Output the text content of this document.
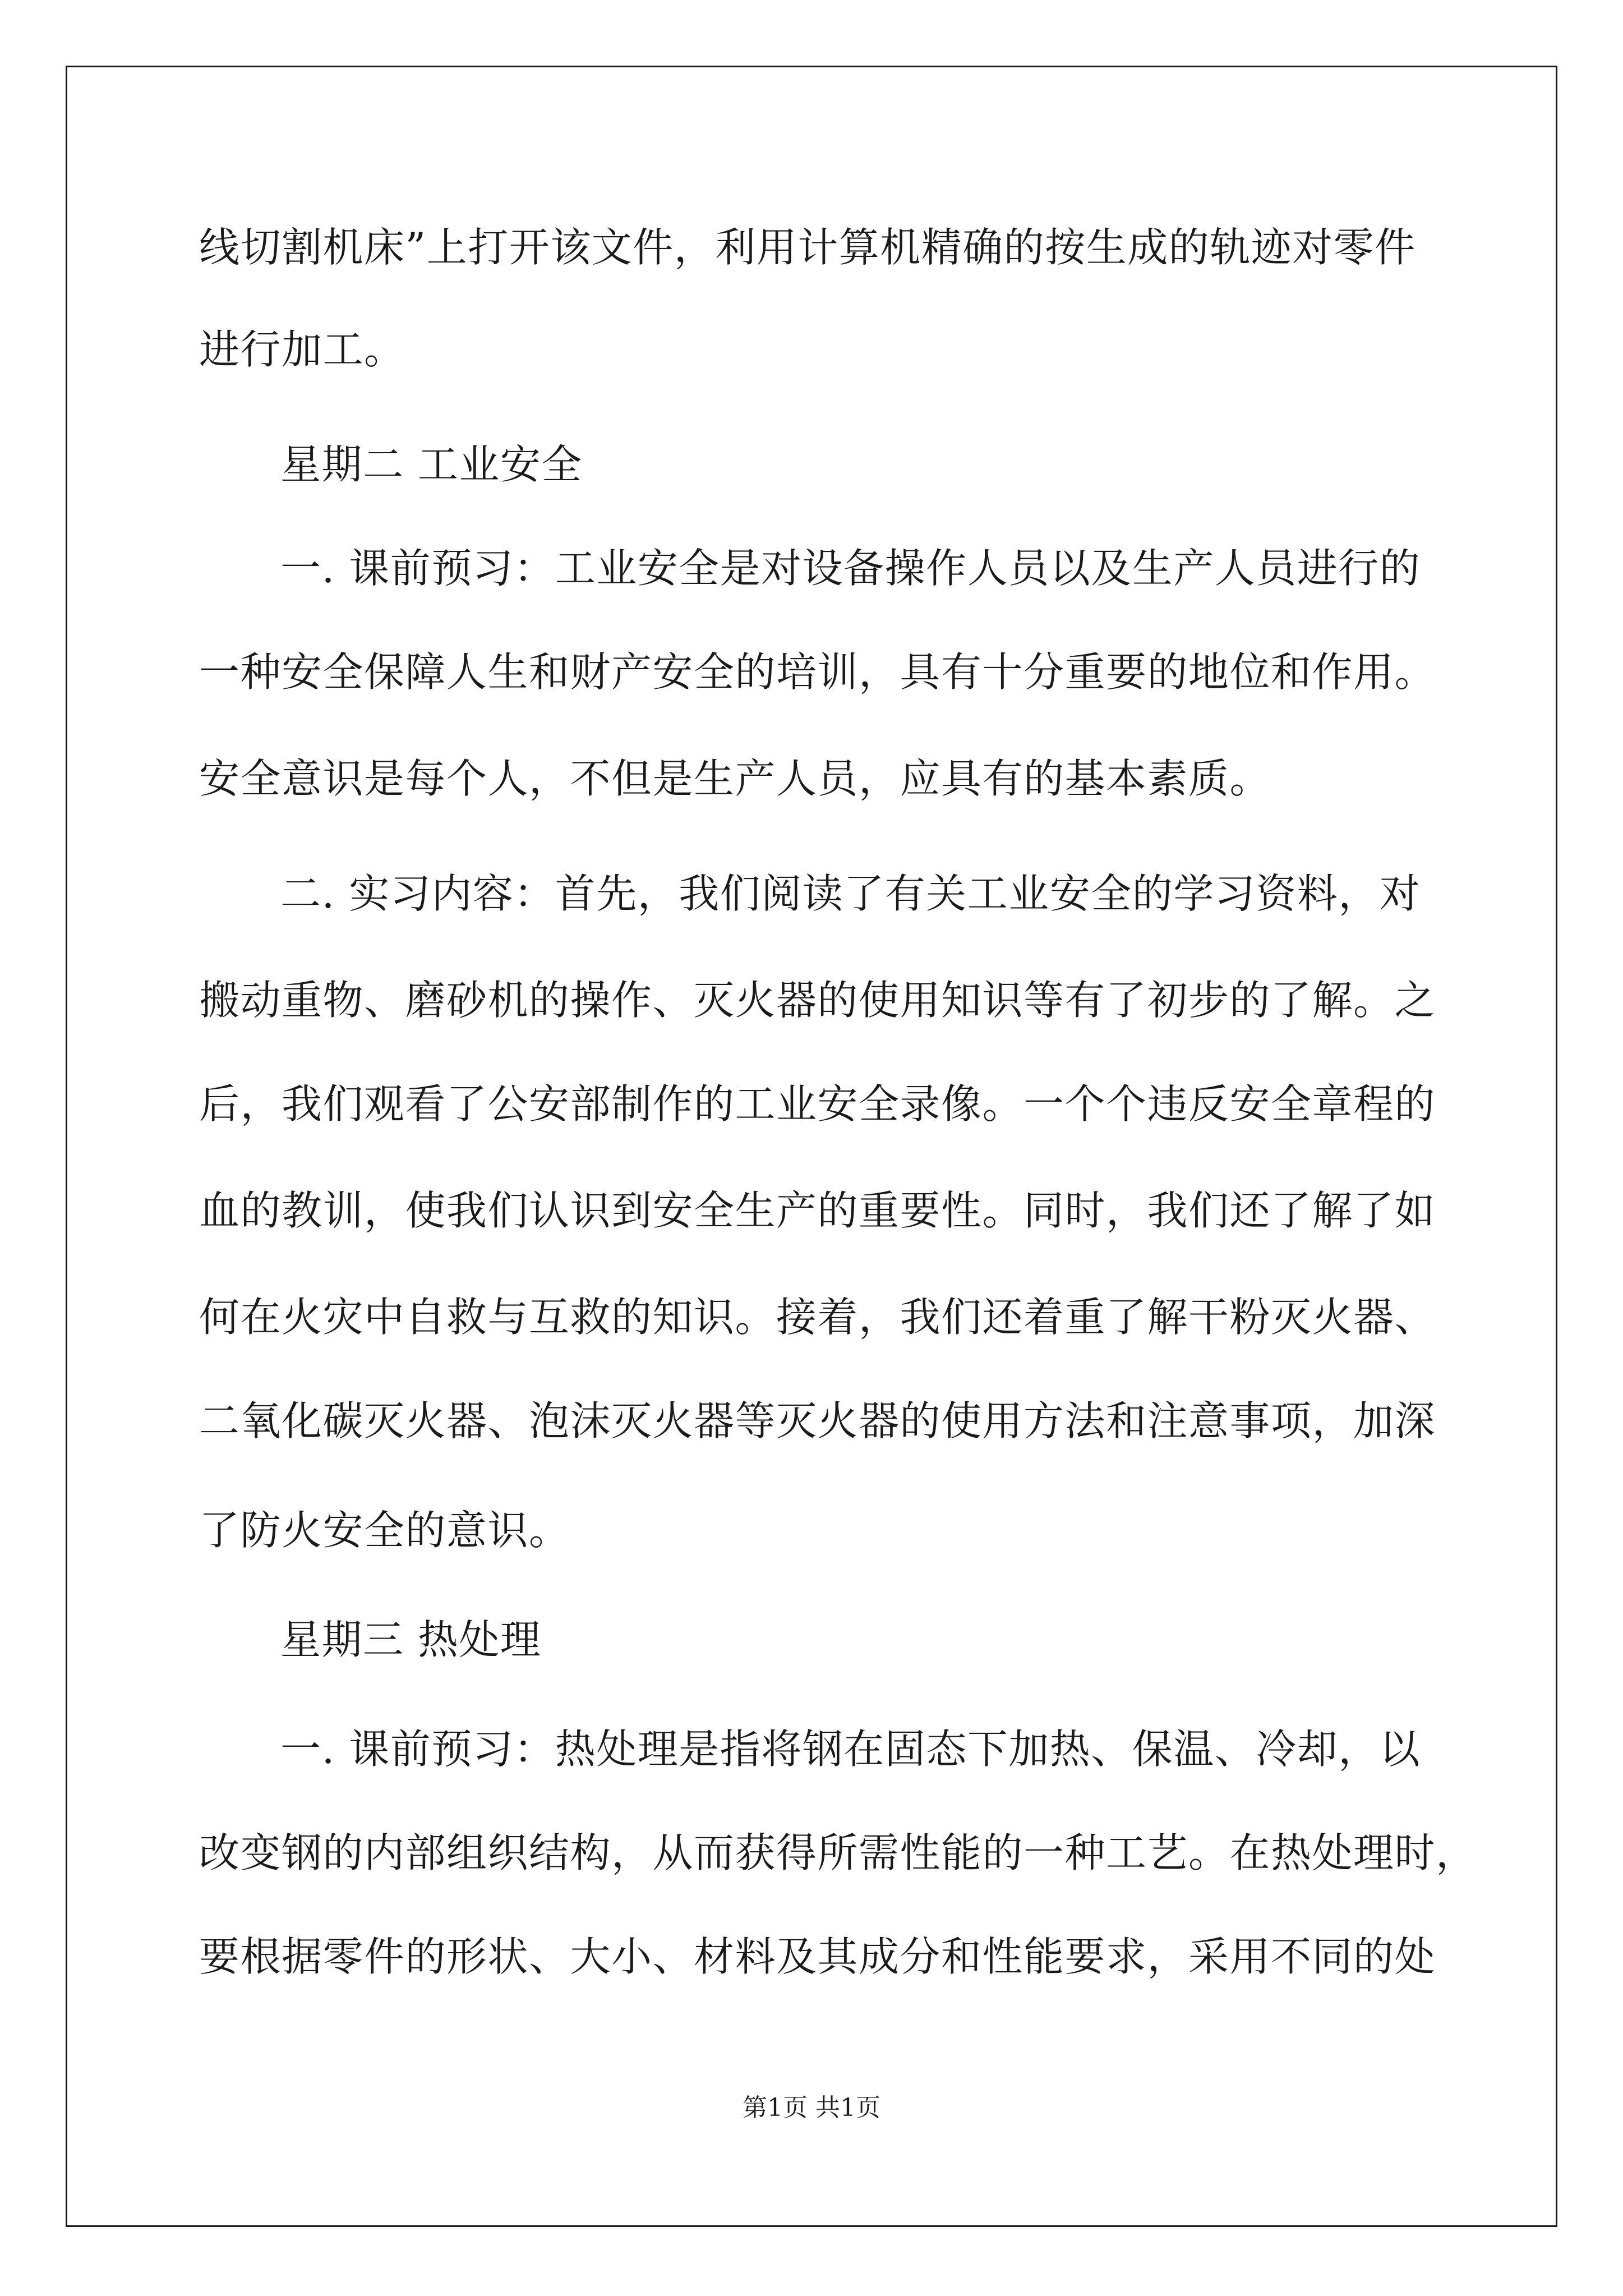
线切割机床”上打开该文件，利用计算机精确的按生成的轨迹对零件

进行加工。

星期二 工业安全

一. 课前预习：工业安全是对设备操作人员以及生产人员进行的

一种安全保障人生和财产安全的培训，具有十分重要的地位和作用。

安全意识是每个人，不但是生产人员，应具有的基本素质。

二. 实习内容：首先，我们阅读了有关工业安全的学习资料，对

搬动重物、磨砂机的操作、灭火器的使用知识等有了初步的了解。之

后，我们观看了公安部制作的工业安全录像。一个个违反安全章程的

血的教训，使我们认识到安全生产的重要性。同时，我们还了解了如

何在火灾中自救与互救的知识。接着，我们还着重了解干粉灭火器、

二氧化碳灭火器、泡沫灭火器等灭火器的使用方法和注意事项，加深

了防火安全的意识。

星期三 热处理

一. 课前预习：热处理是指将钢在固态下加热、保温、冷却，以

改变钢的内部组织结构，从而获得所需性能的一种工艺。在热处理时，

要根据零件的形状、大小、材料及其成分和性能要求，采用不同的处

第1页 共1页
